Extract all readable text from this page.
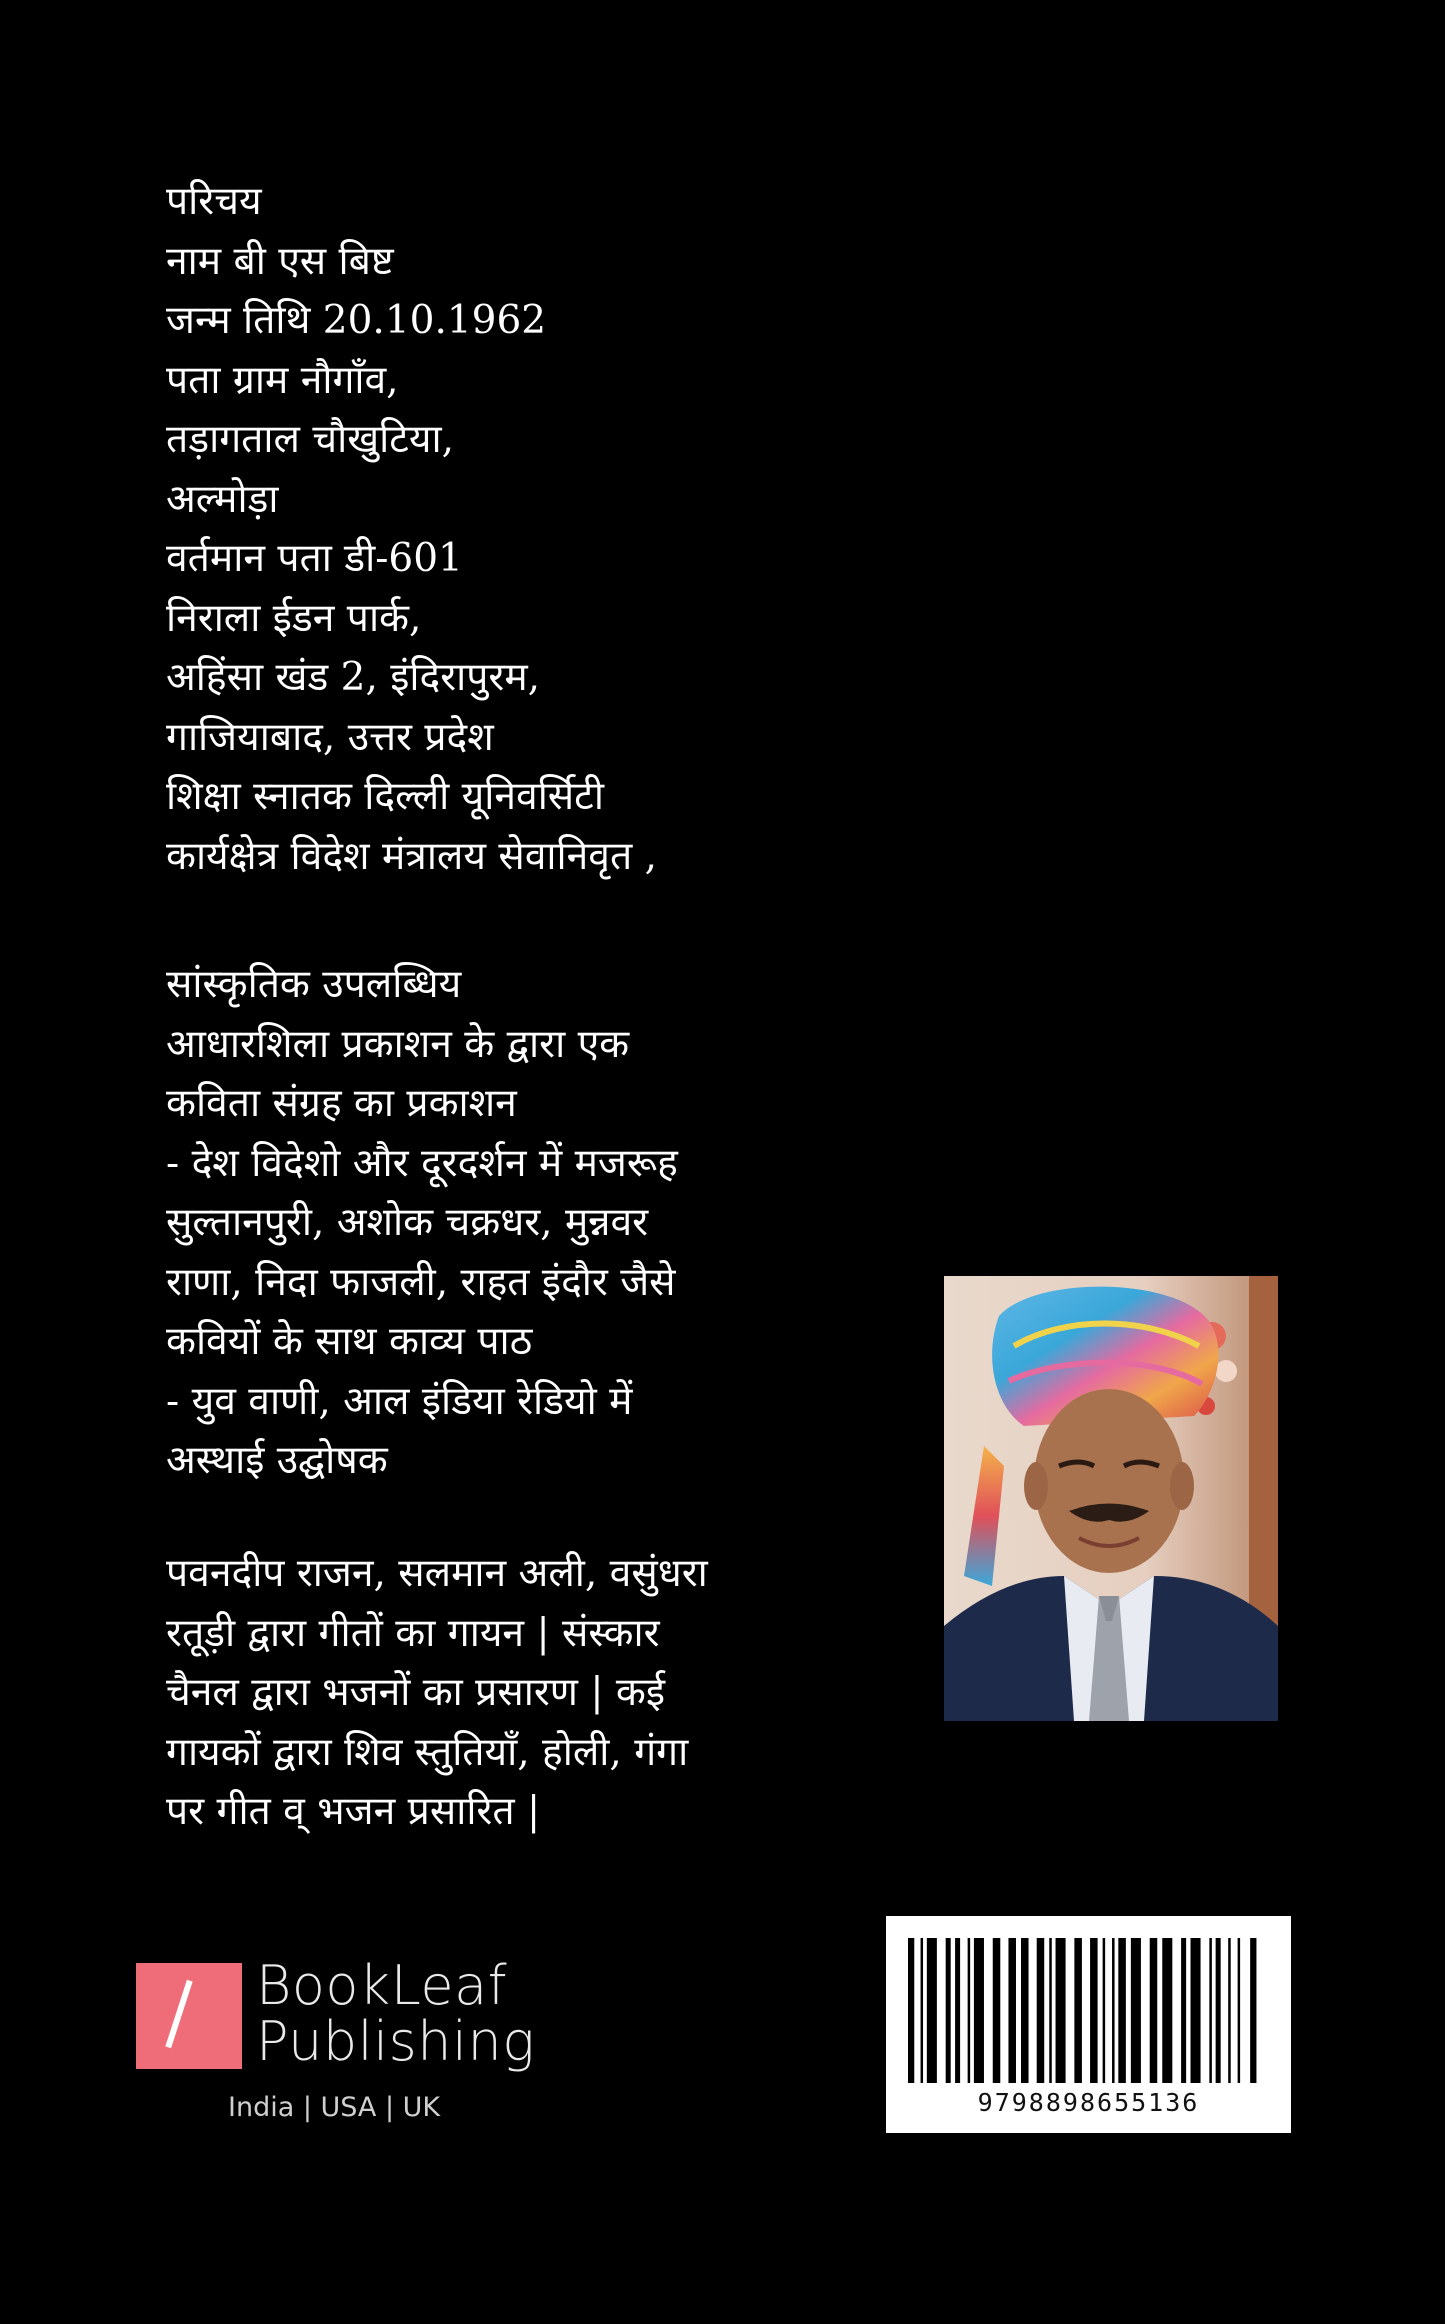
परिचय
नाम बी एस बिष्ट
जन्म तिथि 20.10.1962
पता ग्राम नौगाँव,
तड़ागताल चौखुटिया,
अल्मोड़ा
वर्तमान पता डी-601
निराला ईडन पार्क,
अहिंसा खंड 2, इंदिरापुरम,
गाजियाबाद, उत्तर प्रदेश
शिक्षा स्नातक दिल्ली यूनिवर्सिटी
कार्यक्षेत्र विदेश मंत्रालय सेवानिवृत ,
सांस्कृतिक उपलब्धिय
आधारशिला प्रकाशन के द्वारा एक
कविता संग्रह का प्रकाशन
- देश विदेशो और दूरदर्शन में मजरूह
सुल्तानपुरी, अशोक चक्रधर, मुन्नवर
राणा, निदा फाजली, राहत इंदौर जैसे
कवियों के साथ काव्य पाठ
- युव वाणी, आल इंडिया रेडियो में
अस्थाई उद्घोषक
पवनदीप राजन, सलमान अली, वसुंधरा
रतूड़ी द्वारा गीतों का गायन | संस्कार
चैनल द्वारा भजनों का प्रसारण | कई
गायकों द्वारा शिव स्तुतियाँ, होली, गंगा
पर गीत व् भजन प्रसारित |
BookLeaf
Publishing
India | USA | UK	9798898655136
